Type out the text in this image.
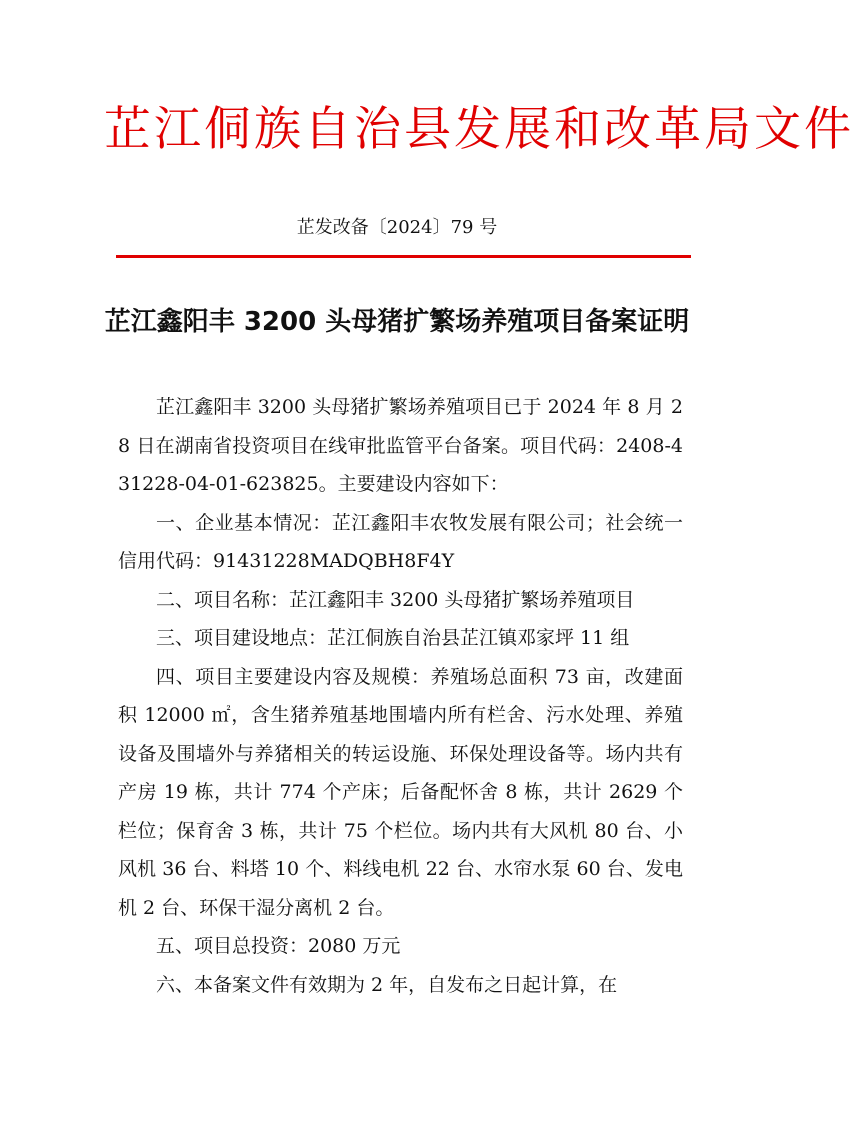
芷江侗族自治县发展和改革局文件
芷发改备〔2024〕79 号
芷江鑫阳丰 3200 头母猪扩繁场养殖项目备案证明

芷江鑫阳丰 3200 头母猪扩繁场养殖项目已于 2024 年 8 月 28 日在湖南省投资项目在线审批监管平台备案。项目代码：2408-431228-04-01-623825。主要建设内容如下：

一、企业基本情况：芷江鑫阳丰农牧发展有限公司；社会统一信用代码：91431228MADQBH8F4Y

二、项目名称：芷江鑫阳丰 3200 头母猪扩繁场养殖项目

三、项目建设地点：芷江侗族自治县芷江镇邓家坪 11 组

四、项目主要建设内容及规模：养殖场总面积 73 亩，改建面积 12000 ㎡，含生猪养殖基地围墙内所有栏舍、污水处理、养殖设备及围墙外与养猪相关的转运设施、环保处理设备等。场内共有产房 19 栋，共计 774 个产床；后备配怀舍 8 栋，共计 2629 个栏位；保育舍 3 栋，共计 75 个栏位。场内共有大风机 80 台、小风机 36 台、料塔 10 个、料线电机 22 台、水帘水泵 60 台、发电机 2 台、环保干湿分离机 2 台。

五、项目总投资：2080 万元

六、本备案文件有效期为 2 年，自发布之日起计算，在
